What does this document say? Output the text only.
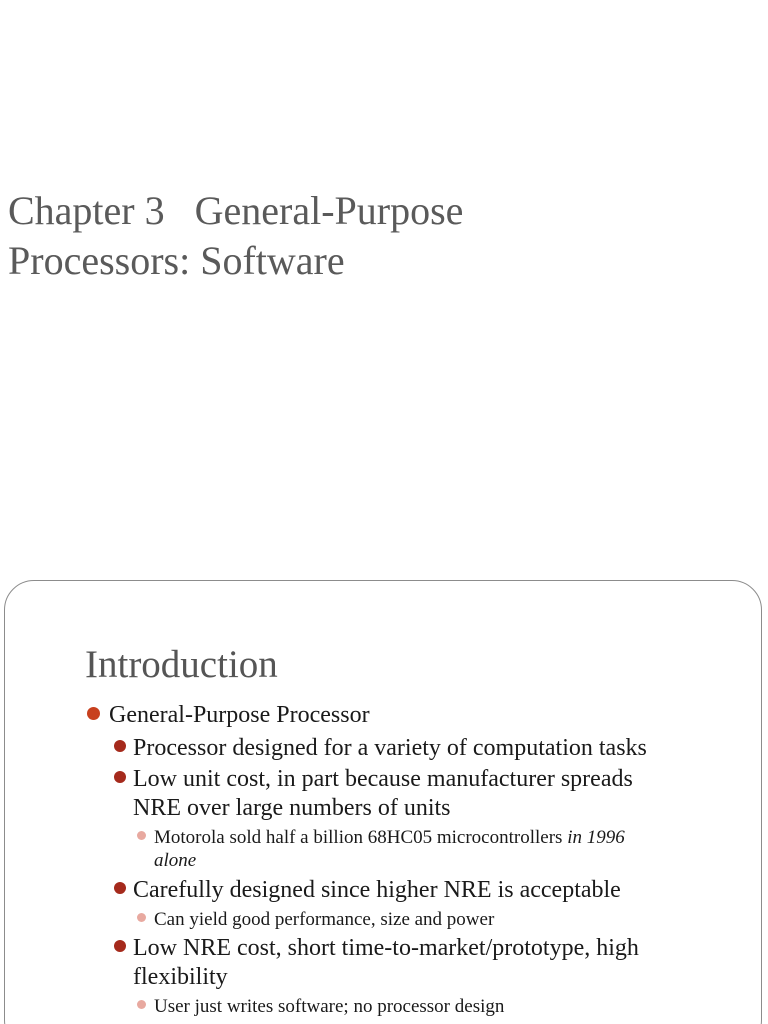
Chapter 3   General-Purpose
Processors: Software
Introduction
General-Purpose Processor
Processor designed for a variety of computation tasks
Low unit cost, in part because manufacturer spreads
NRE over large numbers of units
Motorola sold half a billion 68HC05 microcontrollers in 1996
alone
Carefully designed since higher NRE is acceptable
Can yield good performance, size and power
Low NRE cost, short time-to-market/prototype, high
flexibility
User just writes software; no processor design
